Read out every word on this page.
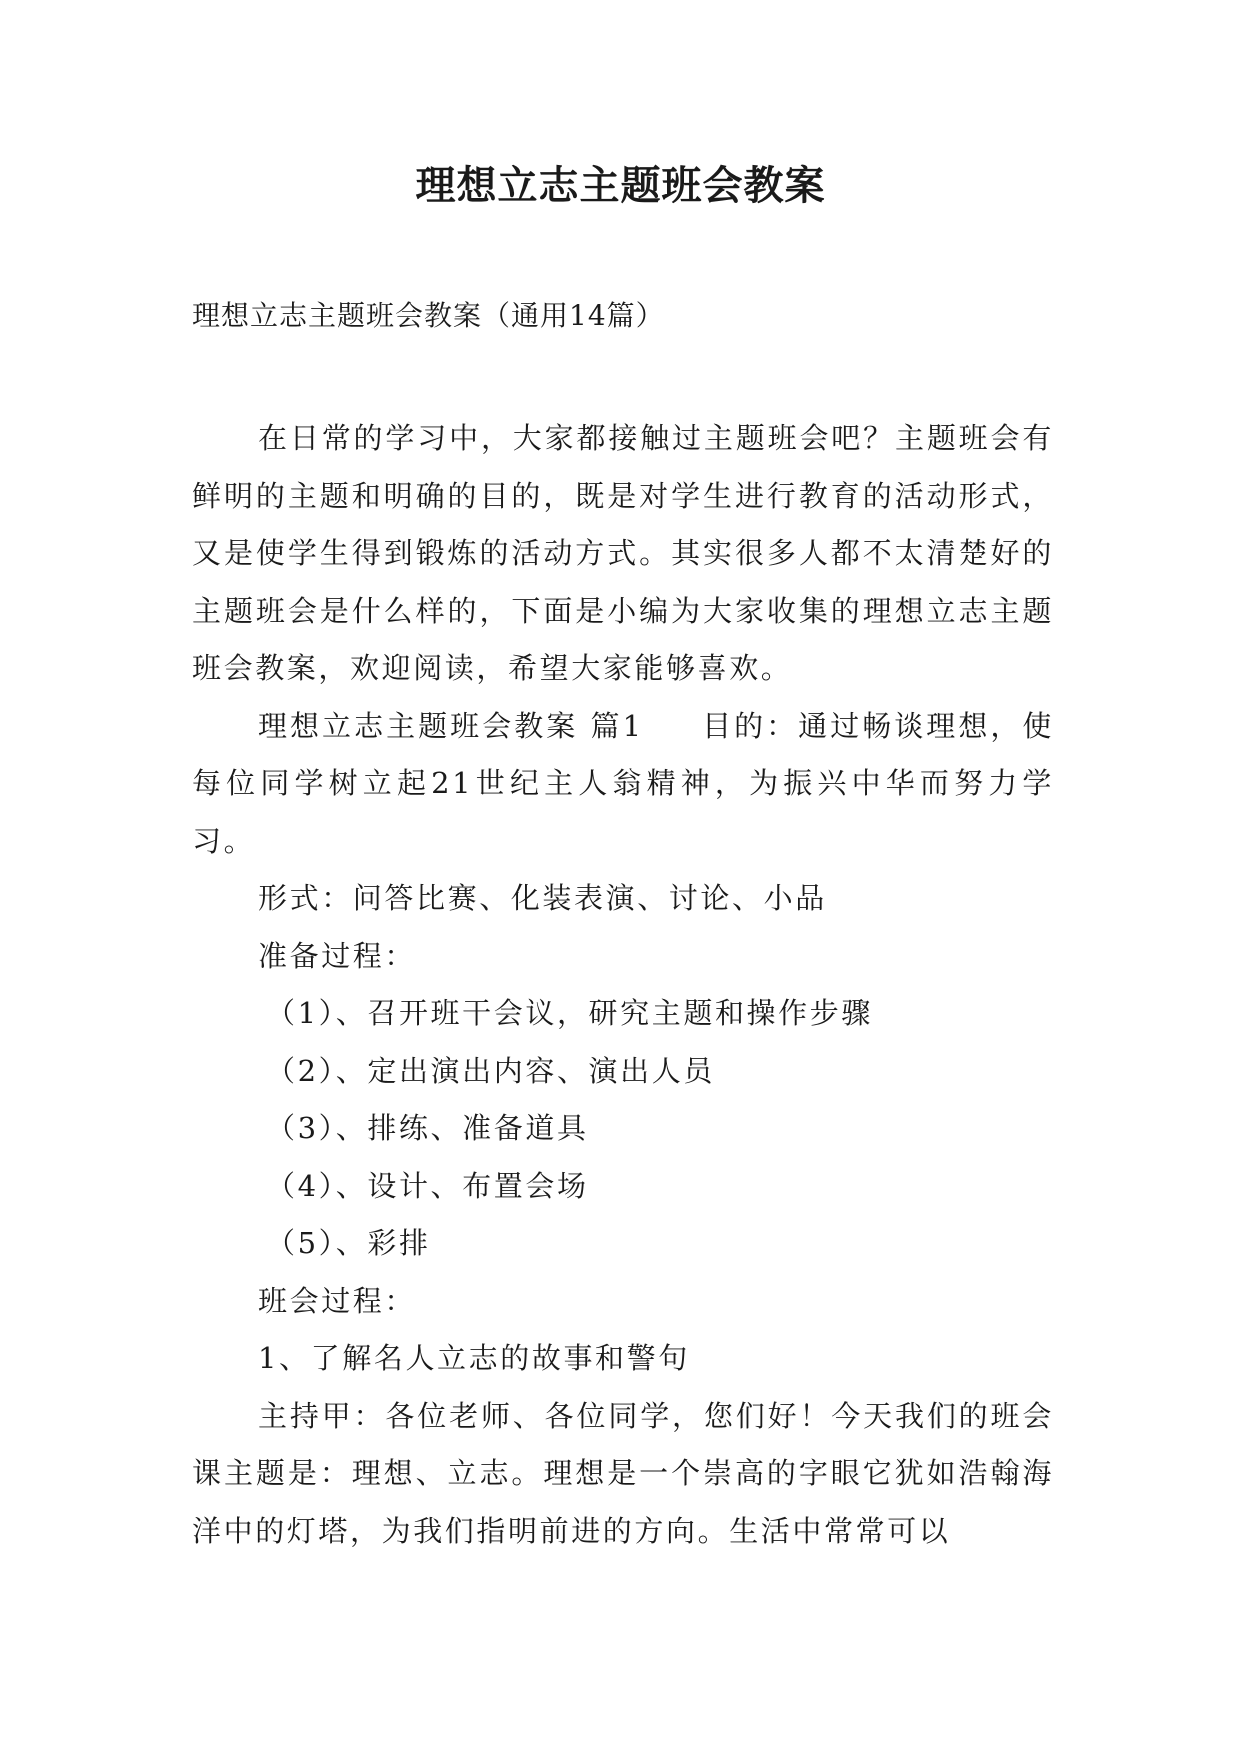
理想立志主题班会教案
理想立志主题班会教案（通用14篇）

在日常的学习中，大家都接触过主题班会吧？主题班会有鲜明的主题和明确的目的，既是对学生进行教育的活动形式，又是使学生得到锻炼的活动方式。其实很多人都不太清楚好的主题班会是什么样的，下面是小编为大家收集的理想立志主题班会教案，欢迎阅读，希望大家能够喜欢。

理想立志主题班会教案 篇1 目的：通过畅谈理想，使每位同学树立起21世纪主人翁精神，为振兴中华而努力学习。

形式：问答比赛、化装表演、讨论、小品

准备过程：

（1）、召开班干会议，研究主题和操作步骤

（2）、定出演出内容、演出人员

（3）、排练、准备道具

（4）、设计、布置会场

（5）、彩排

班会过程：

1、了解名人立志的故事和警句

主持甲：各位老师、各位同学，您们好！今天我们的班会课主题是：理想、立志。理想是一个崇高的字眼它犹如浩翰海洋中的灯塔，为我们指明前进的方向。生活中常常可以
